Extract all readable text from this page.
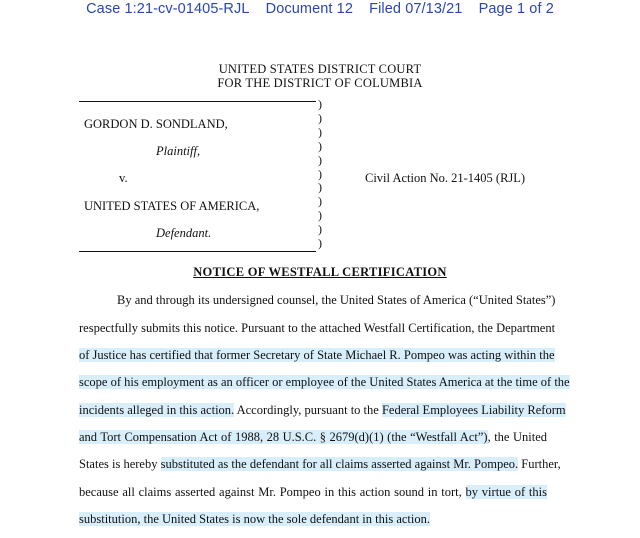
Case 1:21-cv-01405-RJL Document 12 Filed 07/13/21 Page 1 of 2
UNITED STATES DISTRICT COURT
FOR THE DISTRICT OF COLUMBIA
)
)
)
)
)
)
)
)
)
)
)
GORDON D. SONDLAND,
Plaintiff,
v.
UNITED STATES OF AMERICA,
Defendant.
Civil Action No. 21-1405 (RJL)
NOTICE OF WESTFALL CERTIFICATION
By and through its undersigned counsel, the United States of America (“United States”)
respectfully submits this notice. Pursuant to the attached Westfall Certification, the Department
of Justice has certified that former Secretary of State Michael R. Pompeo was acting within the
scope of his employment as an officer or employee of the United States America at the time of the
incidents alleged in this action. Accordingly, pursuant to the Federal Employees Liability Reform
and Tort Compensation Act of 1988, 28 U.S.C. § 2679(d)(1) (the “Westfall Act”), the United
States is hereby substituted as the defendant for all claims asserted against Mr. Pompeo. Further,
because all claims asserted against Mr. Pompeo in this action sound in tort, by virtue of this
substitution, the United States is now the sole defendant in this action.
